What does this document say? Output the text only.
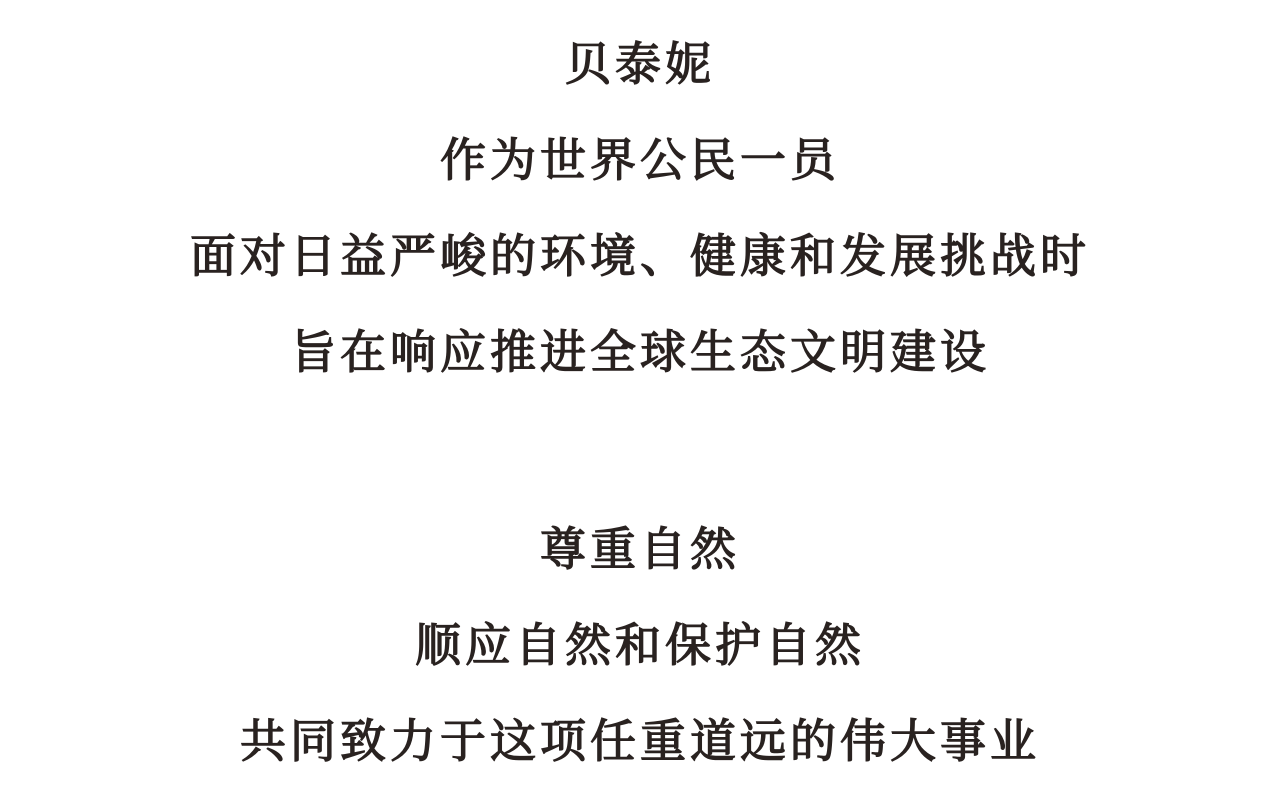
贝泰妮
作为世界公民一员
面对日益严峻的环境、健康和发展挑战时
旨在响应推进全球生态文明建设
尊重自然
顺应自然和保护自然
共同致力于这项任重道远的伟大事业
